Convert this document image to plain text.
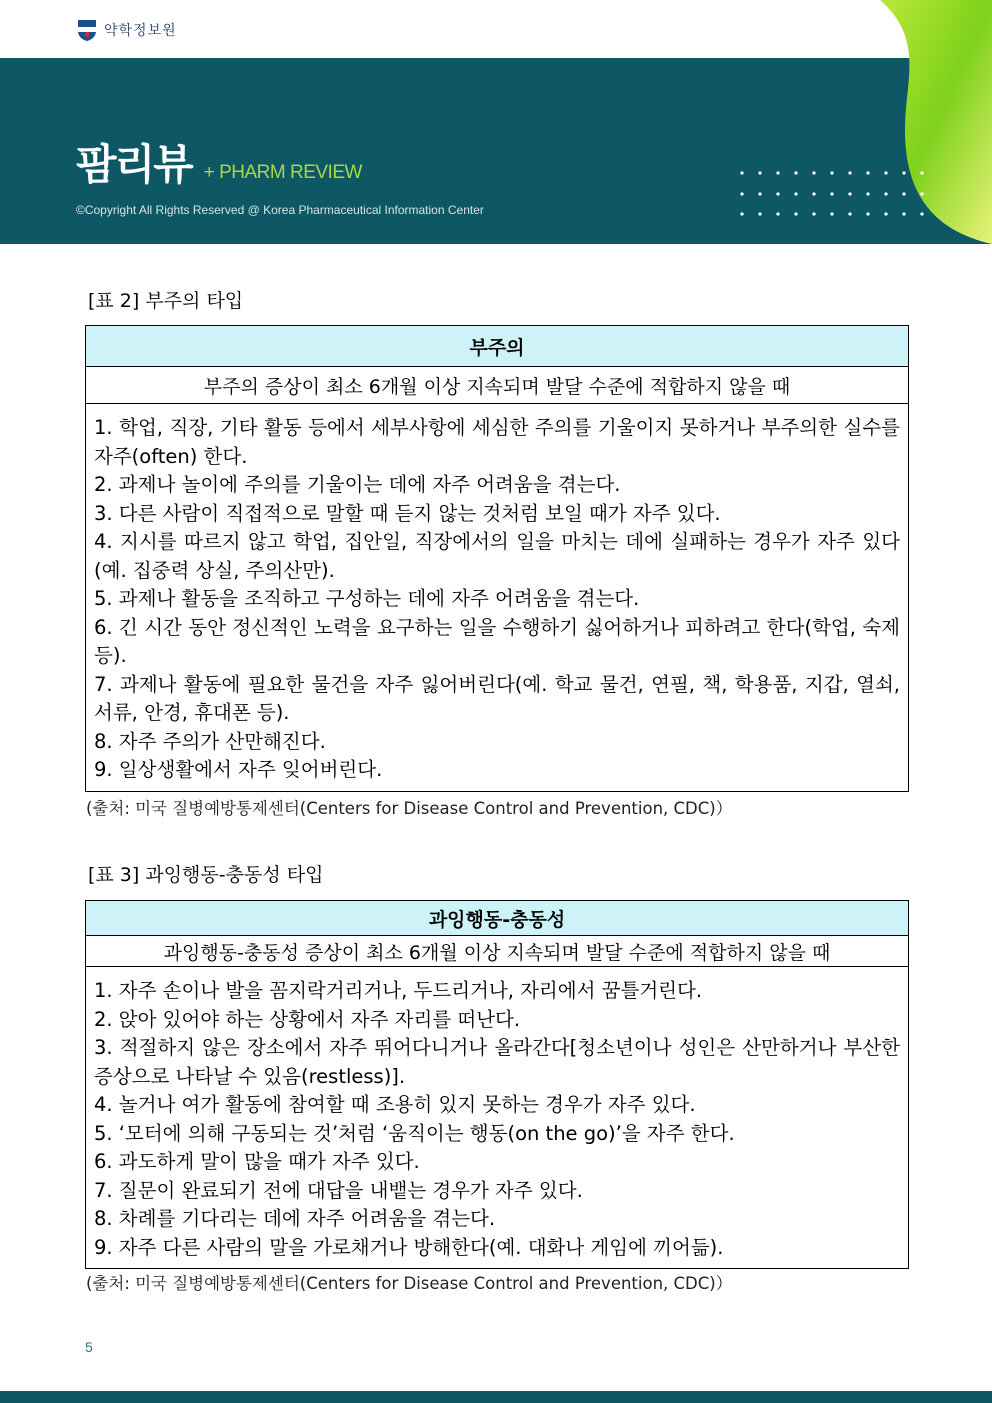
약학정보원
팜리뷰 + PHARM REVIEW
©Copyright All Rights Reserved @ Korea Pharmaceutical Information Center
[표 2] 부주의 타입
부주의
부주의 증상이 최소 6개월 이상 지속되며 발달 수준에 적합하지 않을 때

1. 학업, 직장, 기타 활동 등에서 세부사항에 세심한 주의를 기울이지 못하거나 부주의한 실수를 자주(often) 한다.
2. 과제나 놀이에 주의를 기울이는 데에 자주 어려움을 겪는다.
3. 다른 사람이 직접적으로 말할 때 듣지 않는 것처럼 보일 때가 자주 있다.
4. 지시를 따르지 않고 학업, 집안일, 직장에서의 일을 마치는 데에 실패하는 경우가 자주 있다(예. 집중력 상실, 주의산만).
5. 과제나 활동을 조직하고 구성하는 데에 자주 어려움을 겪는다.
6. 긴 시간 동안 정신적인 노력을 요구하는 일을 수행하기 싫어하거나 피하려고 한다(학업, 숙제 등).
7. 과제나 활동에 필요한 물건을 자주 잃어버린다(예. 학교 물건, 연필, 책, 학용품, 지갑, 열쇠, 서류, 안경, 휴대폰 등).
8. 자주 주의가 산만해진다.
9. 일상생활에서 자주 잊어버린다.
(출처: 미국 질병예방통제센터(Centers for Disease Control and Prevention, CDC)）
[표 3] 과잉행동-충동성 타입
과잉행동-충동성
과잉행동-충동성 증상이 최소 6개월 이상 지속되며 발달 수준에 적합하지 않을 때

1. 자주 손이나 발을 꼼지락거리거나, 두드리거나, 자리에서 꿈틀거린다.
2. 앉아 있어야 하는 상황에서 자주 자리를 떠난다.
3. 적절하지 않은 장소에서 자주 뛰어다니거나 올라간다[청소년이나 성인은 산만하거나 부산한 증상으로 나타날 수 있음(restless)].
4. 놀거나 여가 활동에 참여할 때 조용히 있지 못하는 경우가 자주 있다.
5. ‘모터에 의해 구동되는 것’처럼 ‘움직이는 행동(on the go)’을 자주 한다.
6. 과도하게 말이 많을 때가 자주 있다.
7. 질문이 완료되기 전에 대답을 내뱉는 경우가 자주 있다.
8. 차례를 기다리는 데에 자주 어려움을 겪는다.
9. 자주 다른 사람의 말을 가로채거나 방해한다(예. 대화나 게임에 끼어듦).
(출처: 미국 질병예방통제센터(Centers for Disease Control and Prevention, CDC)）
5
